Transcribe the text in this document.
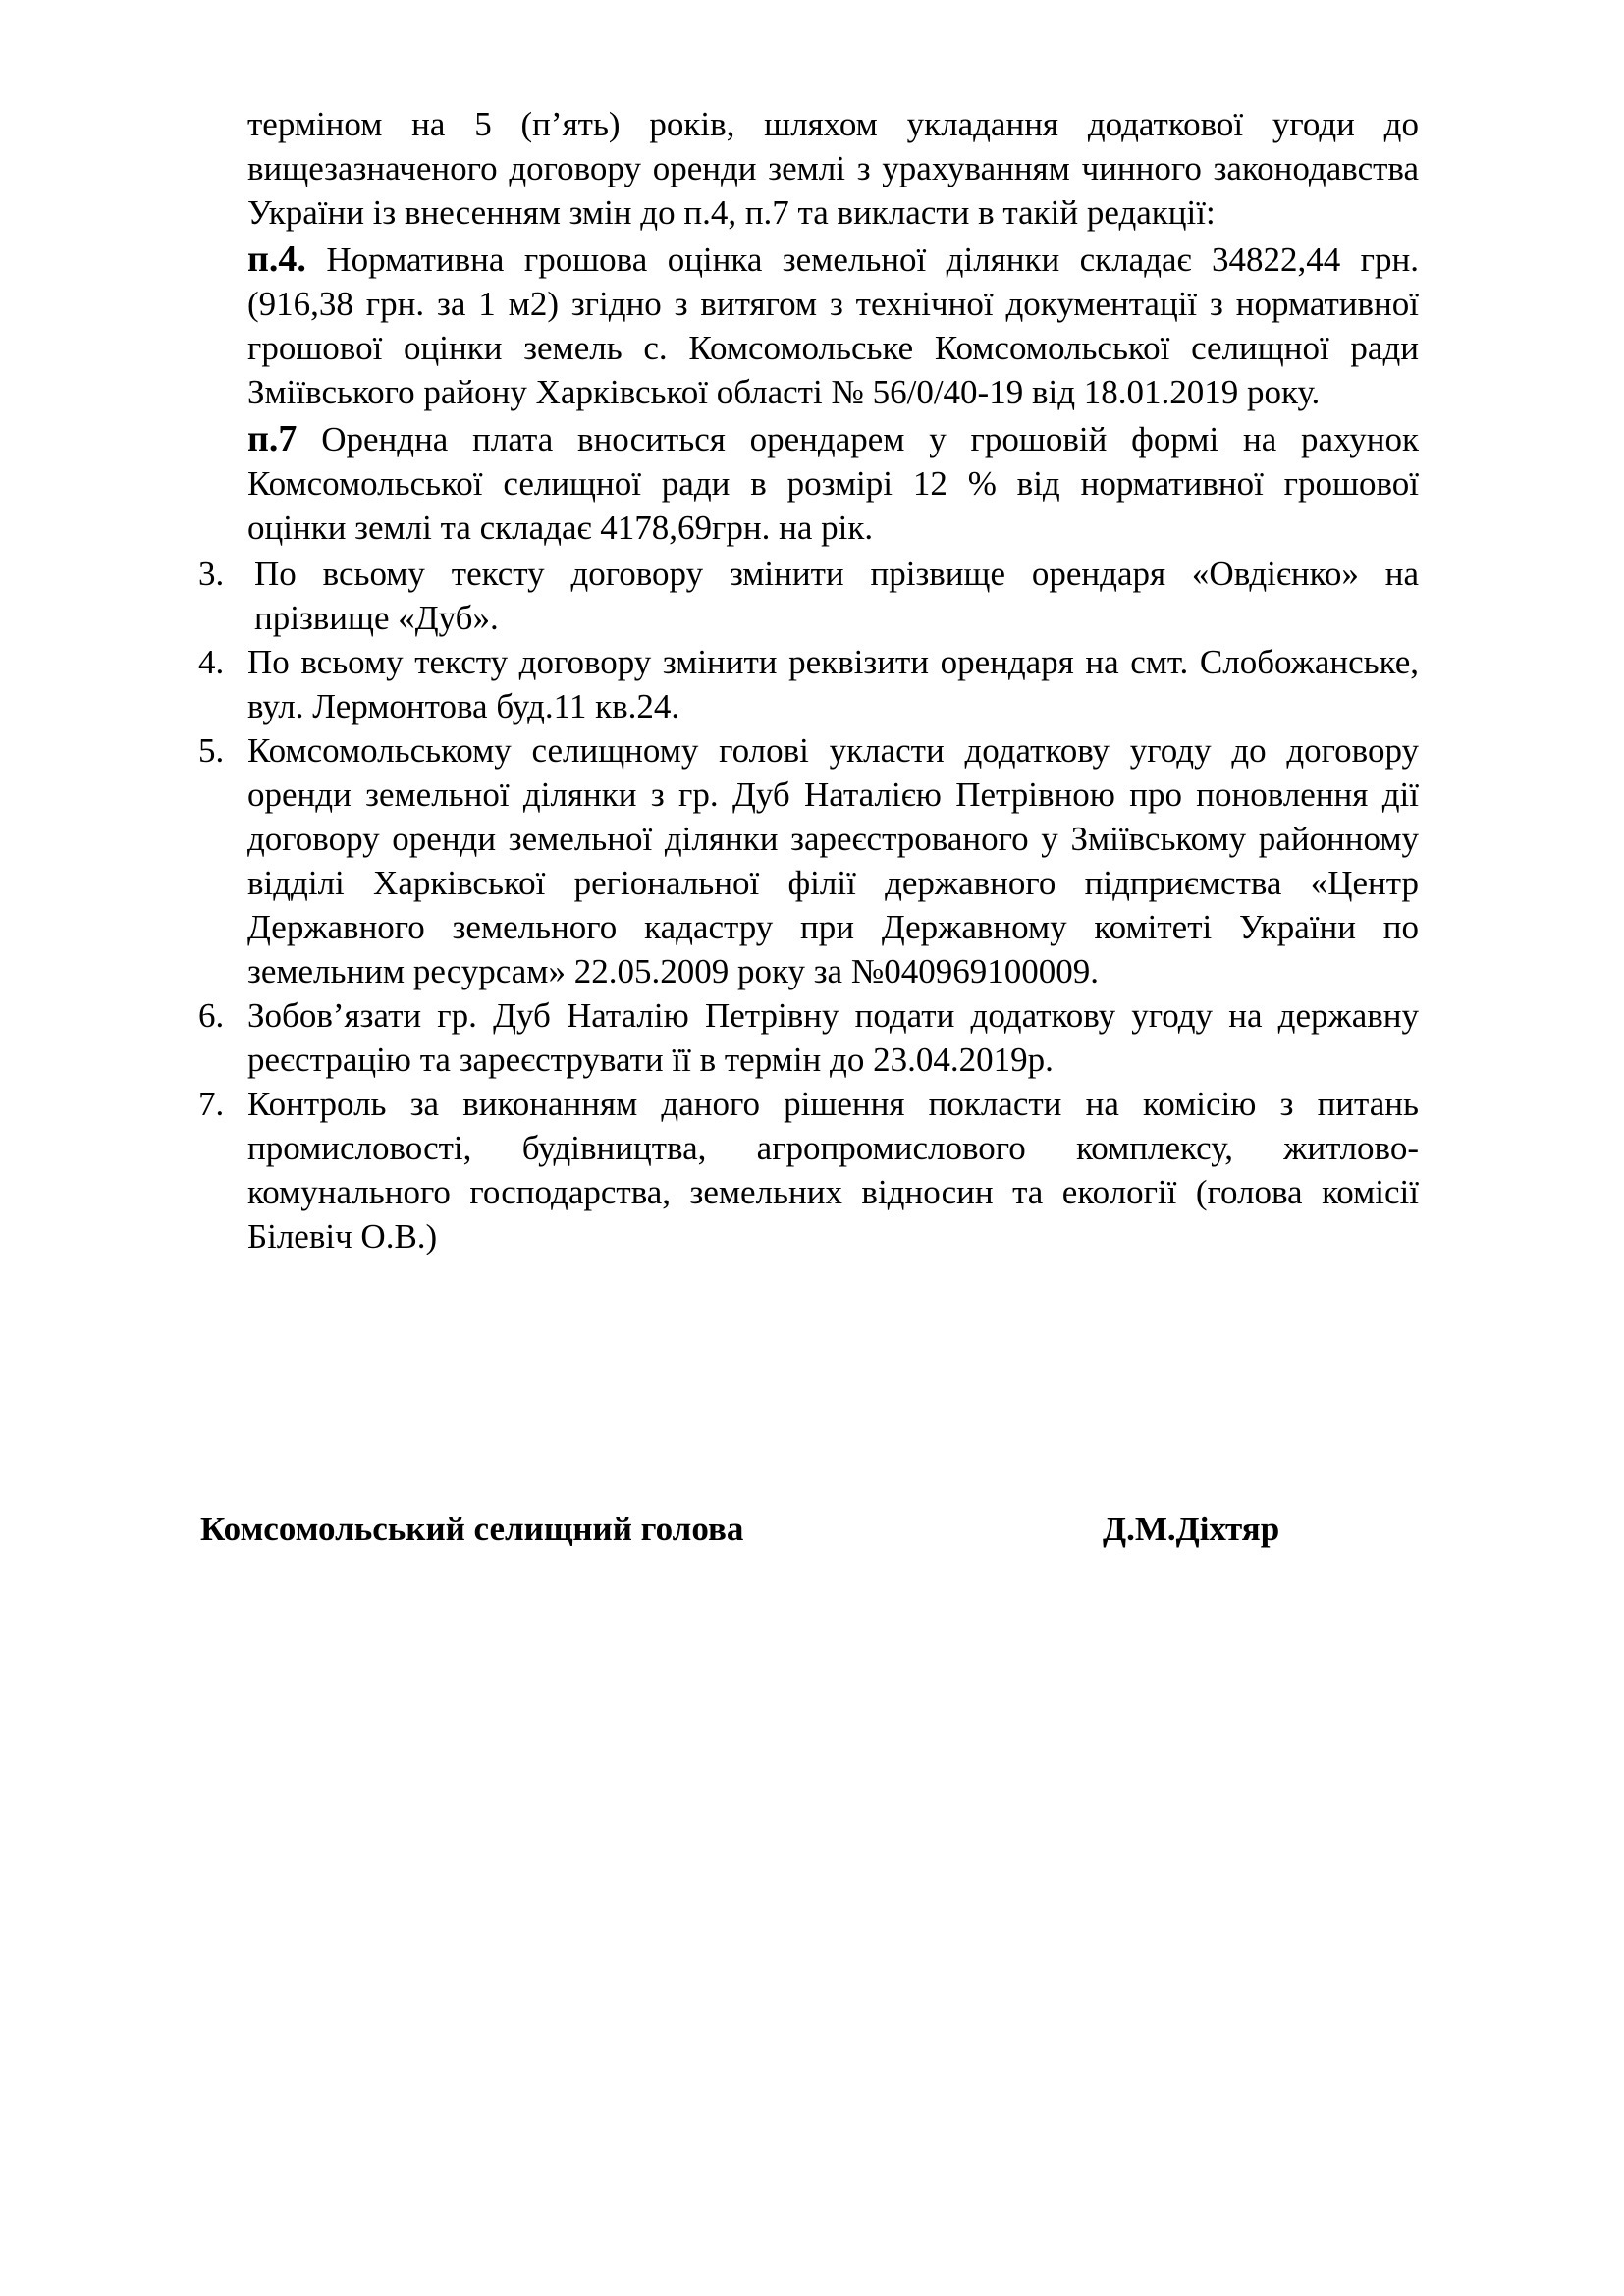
терміном на 5 (п’ять) років, шляхом укладання додаткової угоди до вищезазначеного договору оренди землі з урахуванням чинного законодавства України із внесенням змін до п.4, п.7 та викласти в такій редакції:

п.4. Нормативна грошова оцінка земельної ділянки складає 34822,44 грн. (916,38 грн. за 1 м2) згідно з витягом з технічної документації з нормативної грошової оцінки земель с. Комсомольське Комсомольської селищної ради Зміївського району Харківської області № 56/0/40-19 від 18.01.2019 року.

п.7 Орендна плата вноситься орендарем у грошовій формі на рахунок Комсомольської селищної ради в розмірі 12 % від нормативної грошової оцінки землі та складає 4178,69грн. на рік.

3. По всьому тексту договору змінити прізвище орендаря «Овдієнко» на прізвище «Дуб».
4. По всьому тексту договору змінити реквізити орендаря на смт. Слобожанське, вул. Лермонтова буд.11 кв.24.
5. Комсомольському селищному голові укласти додаткову угоду до договору оренди земельної ділянки з гр. Дуб Наталією Петрівною про поновлення дії договору оренди земельної ділянки зареєстрованого у Зміївському районному відділі Харківської регіональної філії державного підприємства «Центр Державного земельного кадастру при Державному комітеті України по земельним ресурсам» 22.05.2009 року за №040969100009.
6. Зобов’язати гр. Дуб Наталію Петрівну подати додаткову угоду на державну реєстрацію та зареєструвати її в термін до 23.04.2019р.
7. Контроль за виконанням даного рішення покласти на комісію з питань промисловості, будівництва, агропромислового комплексу, житлово-комунального господарства, земельних відносин та екології (голова комісії Білевіч О.В.)
Комсомольський селищний голова	Д.М.Діхтяр
